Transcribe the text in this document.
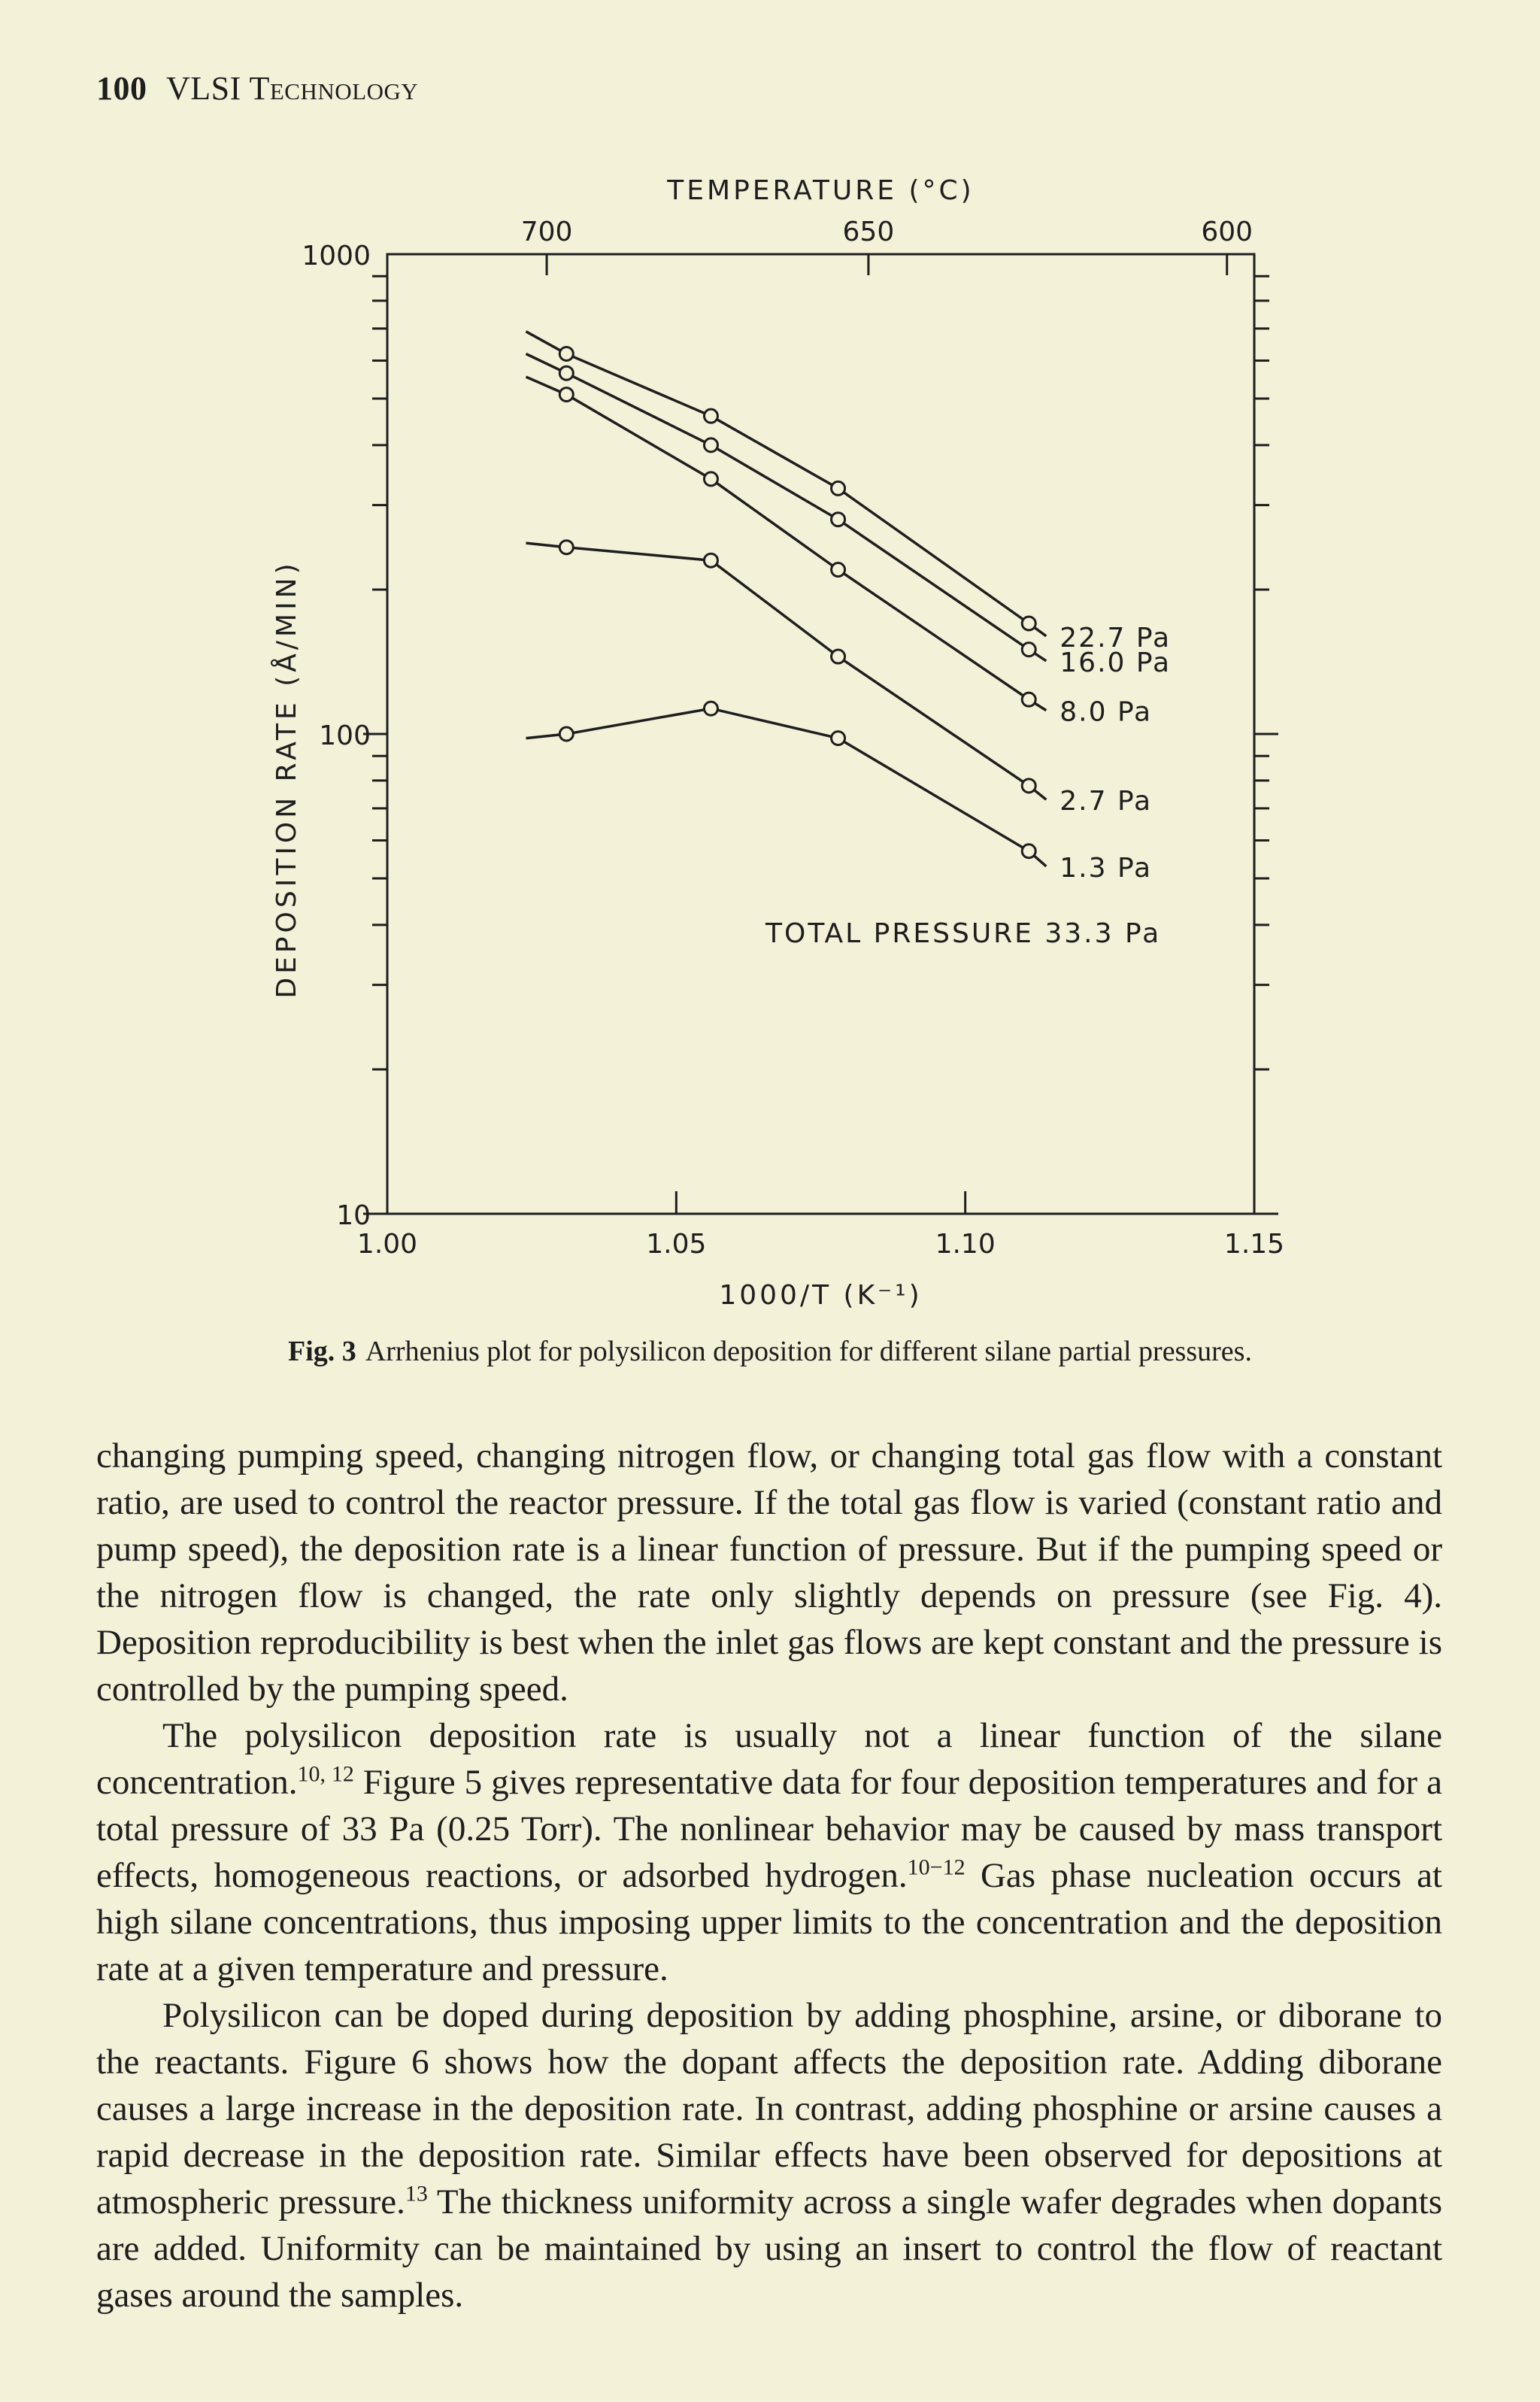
100 VLSI Technology
10
100
1000
1.00	1.05	1.10	1.15
700	650	600
1000/T (K⁻¹)
TEMPERATURE (°C)
DEPOSITION RATE (Å/MIN)	22.7 Pa
16.0 Pa
8.0 Pa
2.7 Pa
1.3 Pa
TOTAL PRESSURE 33.3 Pa
Fig. 3 Arrhenius plot for polysilicon deposition for different silane partial pressures.

changing pumping speed, changing nitrogen flow, or changing total gas flow with a constant ratio, are used to control the reactor pressure. If the total gas flow is varied (constant ratio and pump speed), the deposition rate is a linear function of pressure. But if the pumping speed or the nitrogen flow is changed, the rate only slightly depends on pressure (see Fig. 4). Deposition reproducibility is best when the inlet gas flows are kept constant and the pressure is controlled by the pumping speed.

The polysilicon deposition rate is usually not a linear function of the silane concentration.$^{10, 12}$ Figure 5 gives representative data for four deposition temperatures and for a total pressure of 33 Pa (0.25 Torr). The nonlinear behavior may be caused by mass transport effects, homogeneous reactions, or adsorbed hydrogen.$^{10-12}$ Gas phase nucleation occurs at high silane concentrations, thus imposing upper limits to the concentration and the deposition rate at a given temperature and pressure.

Polysilicon can be doped during deposition by adding phosphine, arsine, or diborane to the reactants. Figure 6 shows how the dopant affects the deposition rate. Adding diborane causes a large increase in the deposition rate. In contrast, adding phosphine or arsine causes a rapid decrease in the deposition rate. Similar effects have been observed for depositions at atmospheric pressure.$^{13}$ The thickness uniformity across a single wafer degrades when dopants are added. Uniformity can be maintained by using an insert to control the flow of reactant gases around the samples.
